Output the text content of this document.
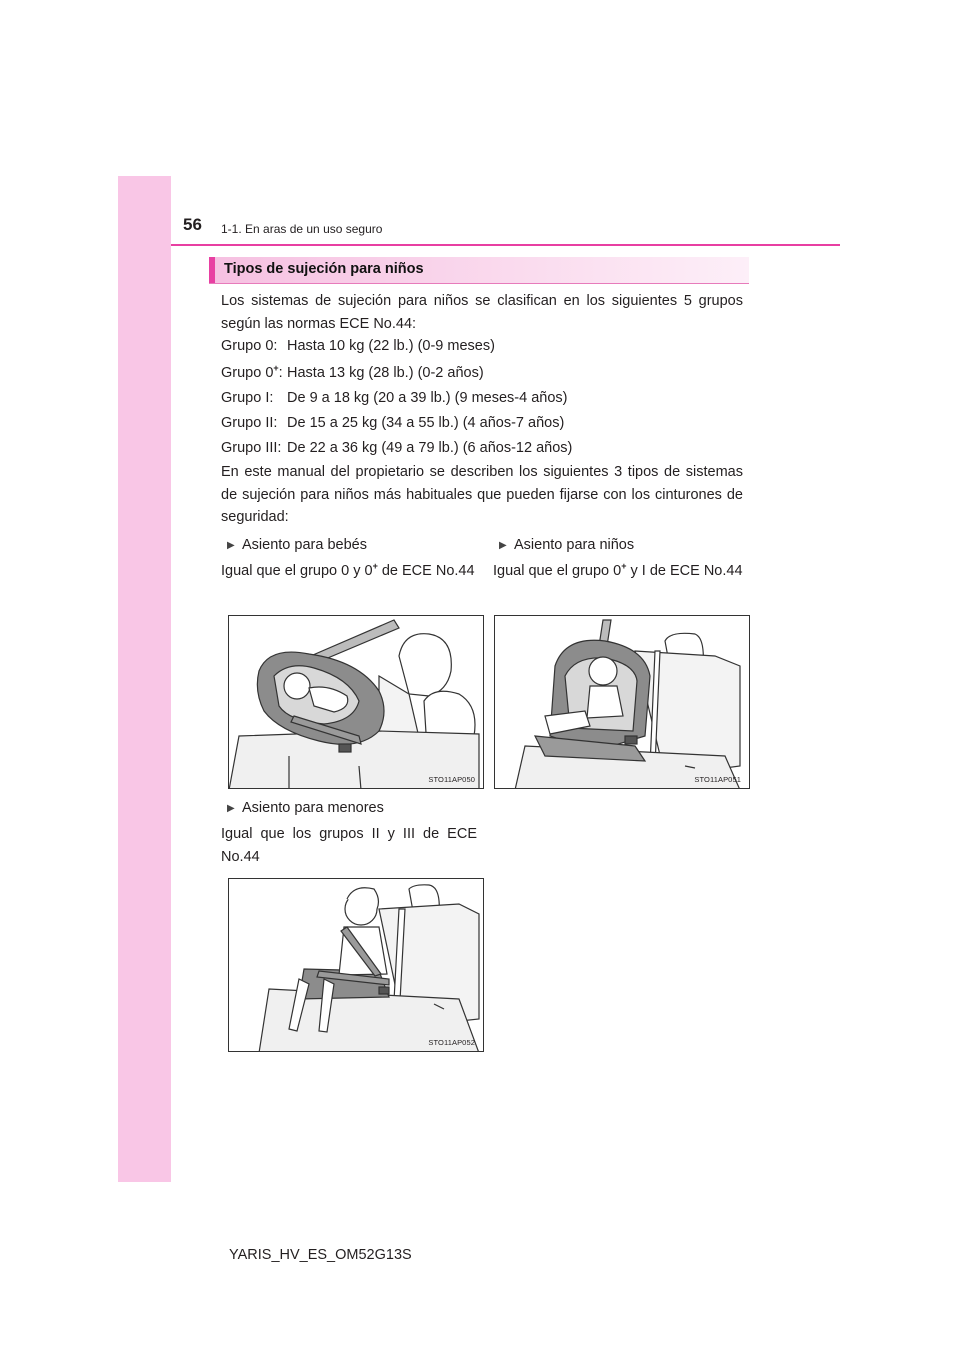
56 1-1. En aras de un uso seguro
Tipos de sujeción para niños

Los sistemas de sujeción para niños se clasifican en los siguientes 5 grupos según las normas ECE No.44:

Grupo 0: Hasta 10 kg (22 lb.) (0-9 meses)
Grupo 0+: Hasta 13 kg (28 lb.) (0-2 años)
Grupo I: De 9 a 18 kg (20 a 39 lb.) (9 meses-4 años)
Grupo II: De 15 a 25 kg (34 a 55 lb.) (4 años-7 años)
Grupo III: De 22 a 36 kg (49 a 79 lb.) (6 años-12 años)

En este manual del propietario se describen los siguientes 3 tipos de sistemas de sujeción para niños más habituales que pueden fijarse con los cinturones de seguridad:

▶ Asiento para bebés

Igual que el grupo 0 y 0+ de ECE No.44

▶ Asiento para niños

Igual que el grupo 0+ y I de ECE No.44

STO11AP050	STO11AP051
▶ Asiento para menores

Igual que los grupos II y III de ECE No.44

STO11AP052
YARIS_HV_ES_OM52G13S
